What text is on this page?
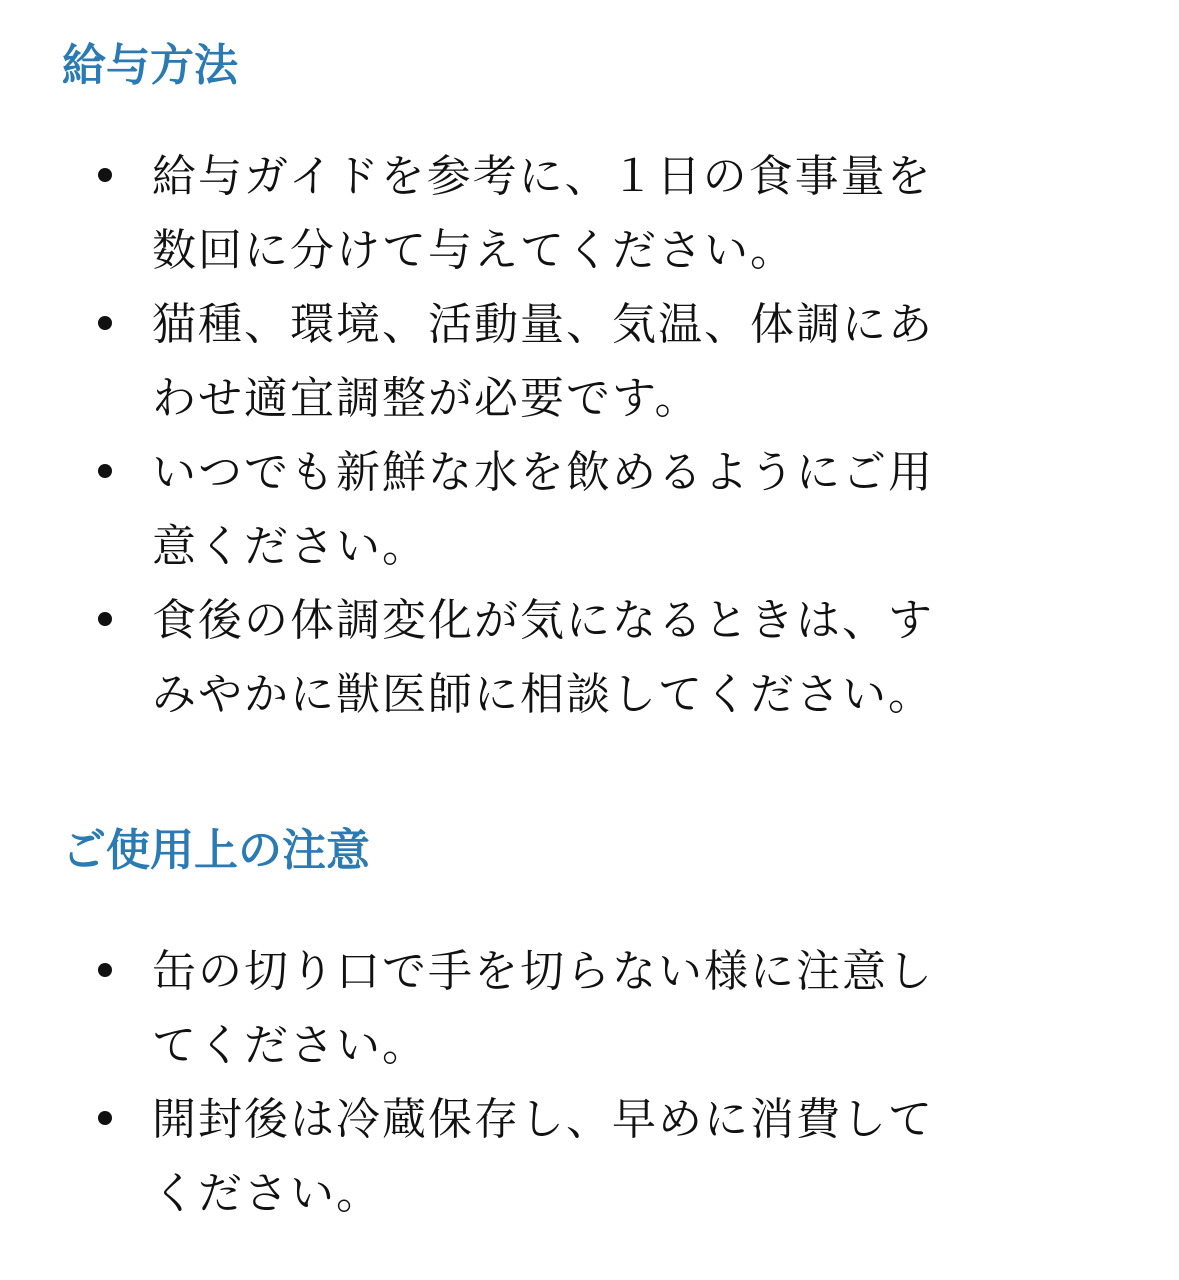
給与方法
給与ガイドを参考に、１日の食事量を
数回に分けて与えてください。
猫種、環境、活動量、気温、体調にあ
わせ適宜調整が必要です。
いつでも新鮮な水を飲めるようにご用
意ください。
食後の体調変化が気になるときは、す
みやかに獣医師に相談してください。
ご使用上の注意
缶の切り口で手を切らない様に注意し
てください。
開封後は冷蔵保存し、早めに消費して
ください。
